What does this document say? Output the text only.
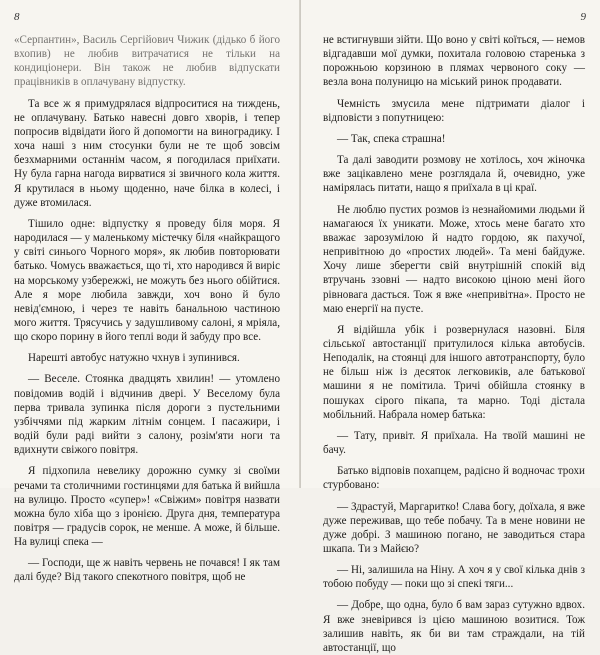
8

«Серпантин», Василь Сергійович Чижик (дідько б його вхопив) не любив витрачатися не тільки на кондиціонери. Він також не любив відпускати працівників в оплачувану відпустку.

Та все ж я примудрялася відпроситися на тиждень, не оплачувану. Батько навесні довго хворів, і тепер попросив відвідати його й допомогти на виноградику. І хоча наші з ним стосунки були не те щоб зовсім безхмарними останнім часом, я погодилася приїхати. Ну була гарна нагода вирватися зі звичного кола життя. Я крутилася в ньому щоденно, наче білка в колесі, і дуже втомилася.

Тішило одне: відпустку я проведу біля моря. Я народилася — у маленькому містечку біля «найкращого у світі синього Чорного моря», як любив повторювати батько. Чомусь вважається, що ті, хто народився й виріс на морському узбережжі, не можуть без нього обійтися. Але я море любила завжди, хоч воно й було невід'ємною, і через те навіть банальною частиною мого життя. Трясучись у задушливому салоні, я мріяла, що скоро порину в його теплі води й забуду про все.

Нарешті автобус натужно чхнув і зупинився.

— Веселе. Стоянка двадцять хвилин! — утомлено повідомив водій і відчинив двері. У Веселому була перва тривала зупинка після дороги з пустельними узбіччями під жарким літнім сонцем. І пасажири, і водій були раді вийти з салону, розім'яти ноги та вдихнути свіжого повітря.

Я підхопила невелику дорожню сумку зі своїми речами та столичними гостинцями для батька й вийшла на вулицю. Просто «супер»! «Свіжим» повітря назвати можна було хіба що з іронією. Друга дня, температура повітря — градусів сорок, не менше. А може, й більше. На вулиці спека —

— Господи, ще ж навіть червень не почався! І як там далі буде? Від такого спекотного повітря, щоб не

9

не встигнувши зійти. Що воно у світі коїться, — немов відгадавши мої думки, похитала головою старенька з порожньою корзиною в плямах червоного соку — везла вона полуницю на міський ринок продавати.

Чемність змусила мене підтримати діалог і відповісти з попутницею:

— Так, спека страшна!

Та далі заводити розмову не хотілось, хоч жіночка вже зацікавлено мене розглядала й, очевидно, уже намірялась питати, нащо я приїхала в ці краї.

Не люблю пустих розмов із незнайомими людьми й намагаюся їх уникати. Може, хтось мене багато хто вважає зарозумілою й надто гордою, як пахучої, непривітною до «простих людей». Та мені байдуже. Хочу лише зберегти свій внутрішній спокій від втручань ззовні — надто високою ціною мені його рівновага дасться. Тож я вже «непривітна». Просто не маю енергії на пусте.

Я відійшла убік і розвернулася назовні. Біля сільської автостанції притулилося кілька автобусів. Неподалік, на стоянці для іншого автотранспорту, було не більш ніж із десяток легковиків, але батькової машини я не помітила. Тричі обійшла стоянку в пошуках сірого пікапа, та марно. Тоді дістала мобільний. Набрала номер батька:

— Тату, привіт. Я приїхала. На твоїй машині не бачу.

Батько відповів похапцем, радісно й водночас трохи стурбовано:

— Здрастуй, Маргаритко! Слава богу, доїхала, я вже дуже переживав, що тебе побачу. Та в мене новини не дуже добрі. З машиною погано, не заводиться стара шкапа. Ти з Майєю?

— Ні, залишила на Ніну. А хоч я у свої кілька днів з тобою побуду — поки що зі спекі тяги...

— Добре, що одна, було б вам зараз сутужно вдвох. Я вже зневірився із цією машиною возитися. Тож залишив навіть, як би ви там страждали, на тій автостанції, що
